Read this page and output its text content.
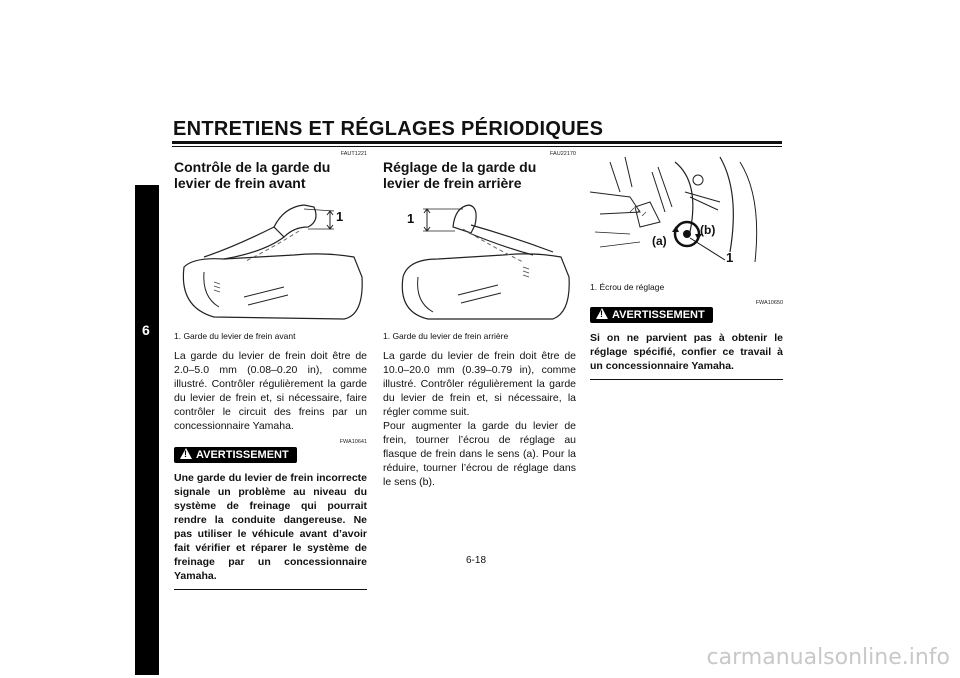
ENTRETIENS ET RÉGLAGES PÉRIODIQUES
6
FAUT1221
Contrôle de la garde du levier de frein avant
1
1. Garde du levier de frein avant
La garde du levier de frein doit être de 2.0–5.0 mm (0.08–0.20 in), comme illustré. Contrôler régulièrement la garde du levier de frein et, si nécessaire, faire contrôler le circuit des freins par un concessionnaire Yamaha.
FWA10641
!AVERTISSEMENT
Une garde du levier de frein incorrecte signale un problème au niveau du système de freinage qui pourrait rendre la conduite dangereuse. Ne pas utiliser le véhicule avant d’avoir fait vérifier et réparer le système de freinage par un concessionnaire Yamaha.
FAU22170
Réglage de la garde du levier de frein arrière
1
1. Garde du levier de frein arrière
La garde du levier de frein doit être de 10.0–20.0 mm (0.39–0.79 in), comme illustré. Contrôler régulièrement la garde du levier de frein et, si nécessaire, la régler comme suit.
Pour augmenter la garde du levier de frein, tourner l’écrou de réglage au flasque de frein dans le sens (a). Pour la réduire, tourner l’écrou de réglage dans le sens (b).
(a)
(b)
1
1. Écrou de réglage
FWA10650
!AVERTISSEMENT
Si on ne parvient pas à obtenir le réglage spécifié, confier ce travail à un concessionnaire Yamaha.
6-18
carmanualsonline.info
